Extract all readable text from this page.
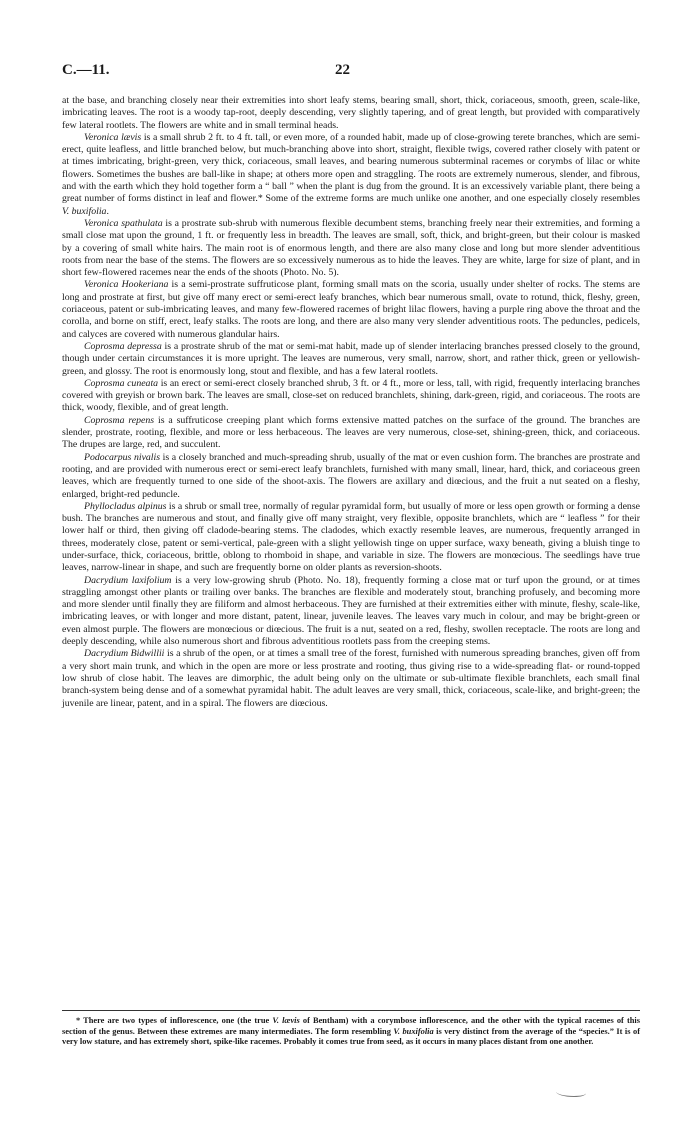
C.—11.	22

at the base, and branching closely near their extremities into short leafy stems, bearing small, short, thick, coriaceous, smooth, green, scale-like, imbricating leaves. The root is a woody tap-root, deeply descending, very slightly tapering, and of great length, but provided with comparatively few lateral rootlets. The flowers are white and in small terminal heads.

Veronica lævis is a small shrub 2 ft. to 4 ft. tall, or even more, of a rounded habit, made up of close-growing terete branches, which are semi-erect, quite leafless, and little branched below, but much-branching above into short, straight, flexible twigs, covered rather closely with patent or at times imbricating, bright-green, very thick, coriaceous, small leaves, and bearing numerous subterminal racemes or corymbs of lilac or white flowers. Sometimes the bushes are ball-like in shape; at others more open and straggling. The roots are extremely numerous, slender, and fibrous, and with the earth which they hold together form a “ ball ” when the plant is dug from the ground. It is an excessively variable plant, there being a great number of forms distinct in leaf and flower.* Some of the extreme forms are much unlike one another, and one especially closely resembles V. buxifolia.

Veronica spathulata is a prostrate sub-shrub with numerous flexible decumbent stems, branching freely near their extremities, and forming a small close mat upon the ground, 1 ft. or frequently less in breadth. The leaves are small, soft, thick, and bright-green, but their colour is masked by a covering of small white hairs. The main root is of enormous length, and there are also many close and long but more slender adventitious roots from near the base of the stems. The flowers are so excessively numerous as to hide the leaves. They are white, large for size of plant, and in short few-flowered racemes near the ends of the shoots (Photo. No. 5).

Veronica Hookeriana is a semi-prostrate suffruticose plant, forming small mats on the scoria, usually under shelter of rocks. The stems are long and prostrate at first, but give off many erect or semi-erect leafy branches, which bear numerous small, ovate to rotund, thick, fleshy, green, coriaceous, patent or sub-imbricating leaves, and many few-flowered racemes of bright lilac flowers, having a purple ring above the throat and the corolla, and borne on stiff, erect, leafy stalks. The roots are long, and there are also many very slender adventitious roots. The peduncles, pedicels, and calyces are covered with numerous glandular hairs.

Coprosma depressa is a prostrate shrub of the mat or semi-mat habit, made up of slender interlacing branches pressed closely to the ground, though under certain circumstances it is more upright. The leaves are numerous, very small, narrow, short, and rather thick, green or yellowish-green, and glossy. The root is enormously long, stout and flexible, and has a few lateral rootlets.

Coprosma cuneata is an erect or semi-erect closely branched shrub, 3 ft. or 4 ft., more or less, tall, with rigid, frequently interlacing branches covered with greyish or brown bark. The leaves are small, close-set on reduced branchlets, shining, dark-green, rigid, and coriaceous. The roots are thick, woody, flexible, and of great length.

Coprosma repens is a suffruticose creeping plant which forms extensive matted patches on the surface of the ground. The branches are slender, prostrate, rooting, flexible, and more or less herbaceous. The leaves are very numerous, close-set, shining-green, thick, and coriaceous. The drupes are large, red, and succulent.

Podocarpus nivalis is a closely branched and much-spreading shrub, usually of the mat or even cushion form. The branches are prostrate and rooting, and are provided with numerous erect or semi-erect leafy branchlets, furnished with many small, linear, hard, thick, and coriaceous green leaves, which are frequently turned to one side of the shoot-axis. The flowers are axillary and diœcious, and the fruit a nut seated on a fleshy, enlarged, bright-red peduncle.

Phyllocladus alpinus is a shrub or small tree, normally of regular pyramidal form, but usually of more or less open growth or forming a dense bush. The branches are numerous and stout, and finally give off many straight, very flexible, opposite branchlets, which are “ leafless ” for their lower half or third, then giving off cladode-bearing stems. The cladodes, which exactly resemble leaves, are numerous, frequently arranged in threes, moderately close, patent or semi-vertical, pale-green with a slight yellowish tinge on upper surface, waxy beneath, giving a bluish tinge to under-surface, thick, coriaceous, brittle, oblong to rhomboid in shape, and variable in size. The flowers are monœcious. The seedlings have true leaves, narrow-linear in shape, and such are frequently borne on older plants as reversion-shoots.

Dacrydium laxifolium is a very low-growing shrub (Photo. No. 18), frequently forming a close mat or turf upon the ground, or at times straggling amongst other plants or trailing over banks. The branches are flexible and moderately stout, branching profusely, and becoming more and more slender until finally they are filiform and almost herbaceous. They are furnished at their extremities either with minute, fleshy, scale-like, imbricating leaves, or with longer and more distant, patent, linear, juvenile leaves. The leaves vary much in colour, and may be bright-green or even almost purple. The flowers are monœcious or diœcious. The fruit is a nut, seated on a red, fleshy, swollen receptacle. The roots are long and deeply descending, while also numerous short and fibrous adventitious rootlets pass from the creeping stems.

Dacrydium Bidwillii is a shrub of the open, or at times a small tree of the forest, furnished with numerous spreading branches, given off from a very short main trunk, and which in the open are more or less prostrate and rooting, thus giving rise to a wide-spreading flat- or round-topped low shrub of close habit. The leaves are dimorphic, the adult being only on the ultimate or sub-ultimate flexible branchlets, each small final branch-system being dense and of a somewhat pyramidal habit. The adult leaves are very small, thick, coriaceous, scale-like, and bright-green; the juvenile are linear, patent, and in a spiral. The flowers are diœcious.

* There are two types of inflorescence, one (the true V. lævis of Bentham) with a corymbose inflorescence, and the other with the typical racemes of this section of the genus. Between these extremes are many intermediates. The form resembling V. buxifolia is very distinct from the average of the “species.” It is of very low stature, and has extremely short, spike-like racemes. Probably it comes true from seed, as it occurs in many places distant from one another.
